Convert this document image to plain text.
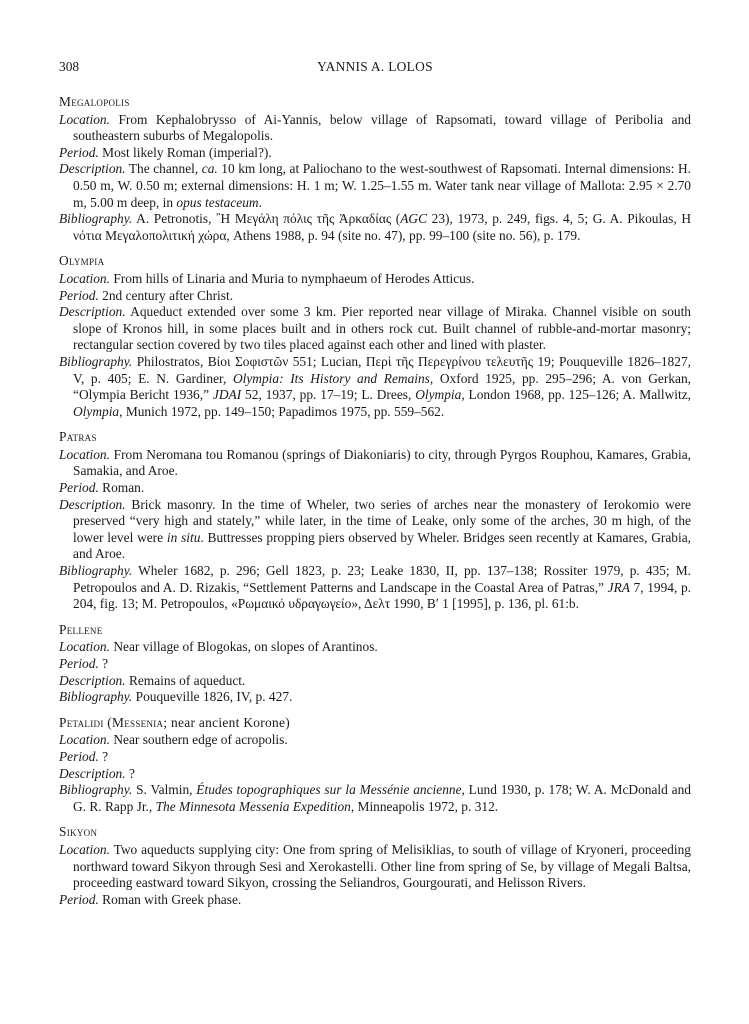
308	YANNIS A. LOLOS
Megalopolis

Location. From Kephalobrysso of Ai-Yannis, below village of Rapsomati, toward village of Peribolia and southeastern suburbs of Megalopolis.

Period. Most likely Roman (imperial?).

Description. The channel, ca. 10 km long, at Paliochano to the west-southwest of Rapsomati. Internal dimensions: H. 0.50 m, W. 0.50 m; external dimensions: H. 1 m; W. 1.25–1.55 m. Water tank near village of Mallota: 2.95 × 2.70 m, 5.00 m deep, in opus testaceum.

Bibliography. A. Petronotis, ῍Η Μεγάλη πόλις τῆς Ἀρκαδίας (AGC 23), 1973, p. 249, figs. 4, 5; G. A. Pikoulas, Η νότια Μεγαλοπολιτική χώρα, Athens 1988, p. 94 (site no. 47), pp. 99–100 (site no. 56), p. 179.

Olympia

Location. From hills of Linaria and Muria to nymphaeum of Herodes Atticus.

Period. 2nd century after Christ.

Description. Aqueduct extended over some 3 km. Pier reported near village of Miraka. Channel visible on south slope of Kronos hill, in some places built and in others rock cut. Built channel of rubble-and-mortar masonry; rectangular section covered by two tiles placed against each other and lined with plaster.

Bibliography. Philostratos, Βίοι Σοφιστῶν 551; Lucian, Περὶ τῆς Περεγρίνου τελευτῆς 19; Pouqueville 1826–1827, V, p. 405; E. N. Gardiner, Olympia: Its History and Remains, Oxford 1925, pp. 295–296; A. von Gerkan, “Olympia Bericht 1936,” JDAI 52, 1937, pp. 17–19; L. Drees, Olympia, London 1968, pp. 125–126; A. Mallwitz, Olympia, Munich 1972, pp. 149–150; Papadimos 1975, pp. 559–562.

Patras

Location. From Neromana tou Romanou (springs of Diakoniaris) to city, through Pyrgos Rouphou, Kamares, Grabia, Samakia, and Aroe.

Period. Roman.

Description. Brick masonry. In the time of Wheler, two series of arches near the monastery of Ierokomio were preserved “very high and stately,” while later, in the time of Leake, only some of the arches, 30 m high, of the lower level were in situ. Buttresses propping piers observed by Wheler. Bridges seen recently at Kamares, Grabia, and Aroe.

Bibliography. Wheler 1682, p. 296; Gell 1823, p. 23; Leake 1830, II, pp. 137–138; Rossiter 1979, p. 435; M. Petropoulos and A. D. Rizakis, “Settlement Patterns and Landscape in the Coastal Area of Patras,” JRA 7, 1994, p. 204, fig. 13; M. Petropoulos, «Ρωμαικό υδραγωγείο», Δελτ 1990, Βʹ 1 [1995], p. 136, pl. 61:b.

Pellene

Location. Near village of Blogokas, on slopes of Arantinos.

Period. ?

Description. Remains of aqueduct.

Bibliography. Pouqueville 1826, IV, p. 427.

Petalidi (Messenia; near ancient Korone)

Location. Near southern edge of acropolis.

Period. ?

Description. ?

Bibliography. S. Valmin, Études topographiques sur la Messénie ancienne, Lund 1930, p. 178; W. A. McDonald and G. R. Rapp Jr., The Minnesota Messenia Expedition, Minneapolis 1972, p. 312.

Sikyon

Location. Two aqueducts supplying city: One from spring of Melisiklias, to south of village of Kryoneri, proceeding northward toward Sikyon through Sesi and Xerokastelli. Other line from spring of Se, by village of Megali Baltsa, proceeding eastward toward Sikyon, crossing the Seliandros, Gourgourati, and Helisson Rivers.

Period. Roman with Greek phase.
